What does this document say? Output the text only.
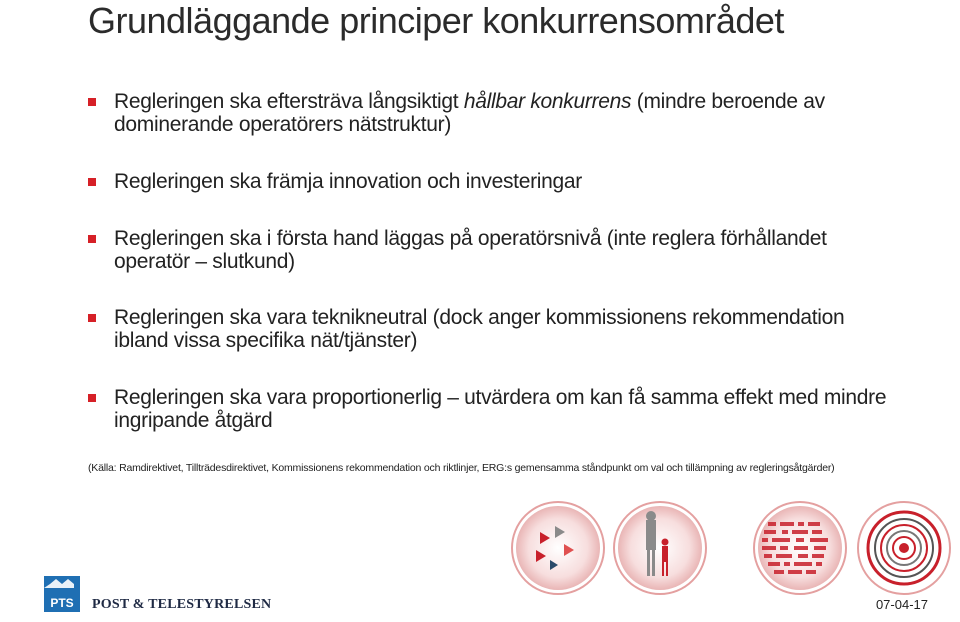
Grundläggande principer konkurrensområdet
Regleringen ska eftersträva långsiktigt hållbar konkurrens (mindre beroende av dominerande operatörers nätstruktur)
Regleringen ska främja innovation och investeringar
Regleringen ska i första hand läggas på operatörsnivå (inte reglera förhållandet operatör – slutkund)
Regleringen ska vara teknikneutral (dock anger kommissionens rekommendation ibland vissa specifika nät/tjänster)
Regleringen ska vara proportionerlig – utvärdera om kan få samma effekt med mindre ingripande åtgärd
(Källa: Ramdirektivet, Tillträdesdirektivet, Kommissionens rekommendation och riktlinjer, ERG:s gemensamma ståndpunkt om val och tillämpning av regleringsåtgärder)
PTS POST & TELESTYRELSEN	07-04-17
